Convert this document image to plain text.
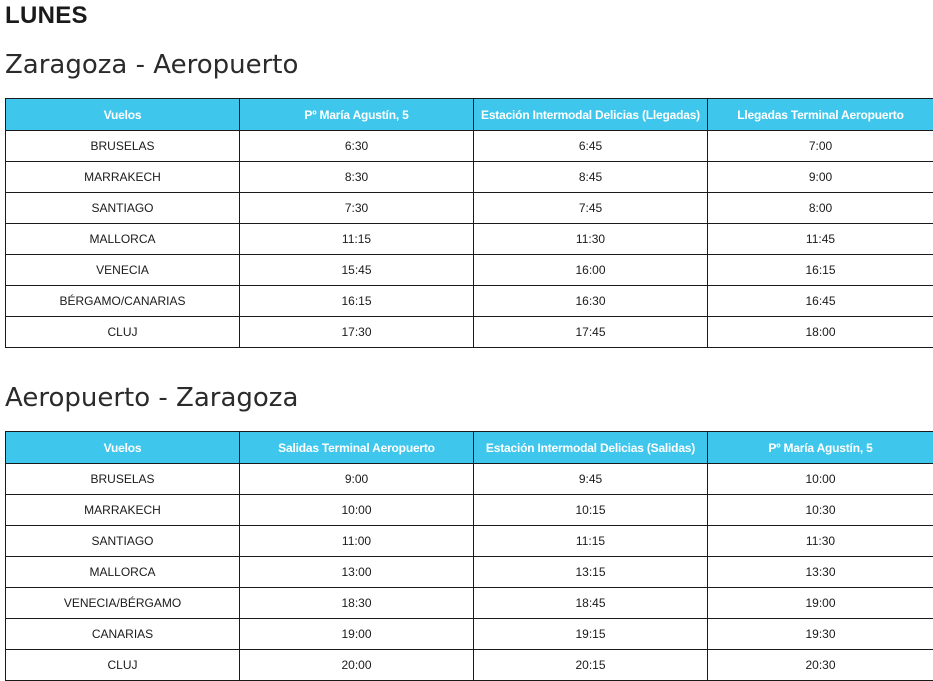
LUNES
Zaragoza - Aeropuerto
Vuelos	Pº María Agustín, 5	Estación Intermodal Delicias (Llegadas)	Llegadas Terminal Aeropuerto
BRUSELAS	6:30	6:45	7:00
MARRAKECH	8:30	8:45	9:00
SANTIAGO	7:30	7:45	8:00
MALLORCA	11:15	11:30	11:45
VENECIA	15:45	16:00	16:15
BÉRGAMO/CANARIAS	16:15	16:30	16:45
CLUJ	17:30	17:45	18:00
Aeropuerto - Zaragoza
Vuelos	Salidas Terminal Aeropuerto	Estación Intermodal Delicias (Salidas)	Pº María Agustín, 5
BRUSELAS	9:00	9:45	10:00
MARRAKECH	10:00	10:15	10:30
SANTIAGO	11:00	11:15	11:30
MALLORCA	13:00	13:15	13:30
VENECIA/BÉRGAMO	18:30	18:45	19:00
CANARIAS	19:00	19:15	19:30
CLUJ	20:00	20:15	20:30
